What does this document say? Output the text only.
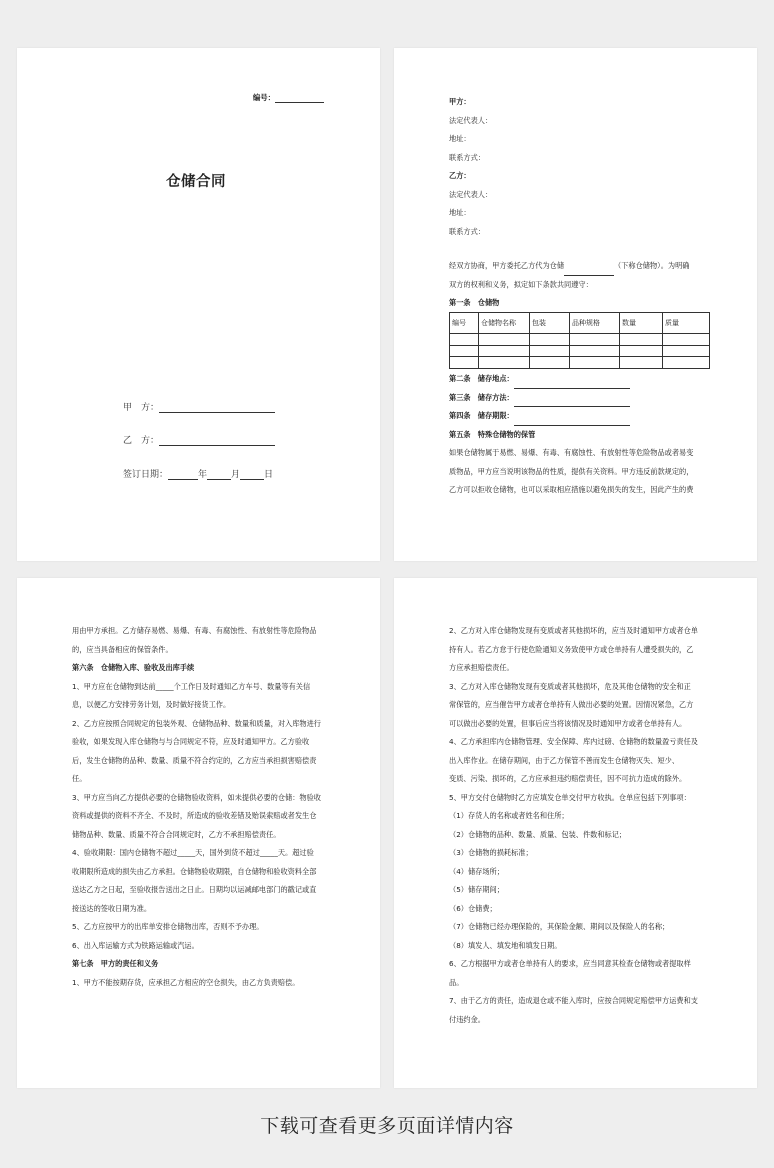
编号：
仓储合同
甲　方：
乙　方：
签订日期：	年	月	日
甲方：
法定代表人：
地址：
联系方式：
乙方：
法定代表人：
地址：
联系方式：
经双方协商，甲方委托乙方代为仓储	（下称仓储物）。为明确
双方的权利和义务，拟定如下条款共同遵守：
第一条　仓储物
编号	仓储物名称	包装	品种规格	数量	质量

第二条　储存地点：
第三条　储存方法：
第四条　储存期限：
第五条　特殊仓储物的保管
如果仓储物属于易燃、易爆、有毒、有腐蚀性、有放射性等危险物品或者易变
质物品，甲方应当说明该物品的性质，提供有关资料。甲方违反前款规定的，
乙方可以拒收仓储物，也可以采取相应措施以避免损失的发生，因此产生的费
用由甲方承担。乙方储存易燃、易爆、有毒、有腐蚀性、有放射性等危险物品
的，应当具备相应的保管条件。
第六条　仓储物入库、验收及出库手续
1、甲方应在仓储物到达前_____个工作日及时通知乙方车号、数量等有关信
息，以便乙方安排劳务计划，及时做好接货工作。
2、乙方应按照合同规定的包装外观、仓储物品种、数量和质量，对入库物进行
验收，如果发现入库仓储物与与合同规定不符，应及时通知甲方。乙方验收
后，发生仓储物的品种、数量、质量不符合约定的，乙方应当承担损害赔偿责
任。
3、甲方应当向乙方提供必要的仓储物验收资料，如未提供必要的仓储：物验收
资料或提供的资料不齐全、不及时，所造成的验收差错及贻误索赔或者发生仓
储物品种、数量、质量不符合合同规定时，乙方不承担赔偿责任。
4、验收期限：国内仓储物不超过_____天，国外到货不超过_____天。超过验
收期限所造成的损失由乙方承担。仓储物验收期限，自仓储物和验收资料全部
送达乙方之日起，至验收报告送出之日止。日期均以运减邮电部门的戳记或直
接送达的签收日期为准。
5、乙方应按甲方的出库单安排仓储物出库，否则不予办理。
6、出入库运输方式为铁路运输或汽运。
第七条　甲方的责任和义务
1、甲方不能按期存货，应承担乙方相应的空仓损失，由乙方负责赔偿。
2、乙方对入库仓储物发现有变质或者其他损坏的，应当及时通知甲方或者仓单
持有人。若乙方怠于行使危险通知义务致使甲方或仓单持有人遭受损失的，乙
方应承担赔偿责任。
3、乙方对入库仓储物发现有变质或者其他损坏，危及其他仓储物的安全和正
常保管的，应当催告甲方或者仓单持有人做出必要的处置。因情况紧急，乙方
可以做出必要的处置，但事后应当将该情况及时通知甲方或者仓单持有人。
4、乙方承担库内仓储物管理、安全保障、库内过磅、仓储物的数量盈亏责任及
出入库作业。在储存期间，由于乙方保管不善而发生仓储物灭失、短少、
变质、污染、损坏的，乙方应承担违约赔偿责任，因不可抗力造成的除外。
5、甲方交付仓储物时乙方应填发仓单交付甲方收执。仓单应包括下列事项：
（1）存货人的名称或者姓名和住所；
（2）仓储物的品种、数量、质量、包装、件数和标记；
（3）仓储物的损耗标准；
（4）储存场所；
（5）储存期间；
（6）仓储费；
（7）仓储物已经办理保险的，其保险金额、期间以及保险人的名称；
（8）填发人、填发地和填发日期。
6、乙方根据甲方或者仓单持有人的要求，应当同意其检查仓储物或者提取样
品。
7、由于乙方的责任，造成退仓或不能入库时，应按合同规定赔偿甲方运费和支
付违约金。
下载可查看更多页面详情内容
